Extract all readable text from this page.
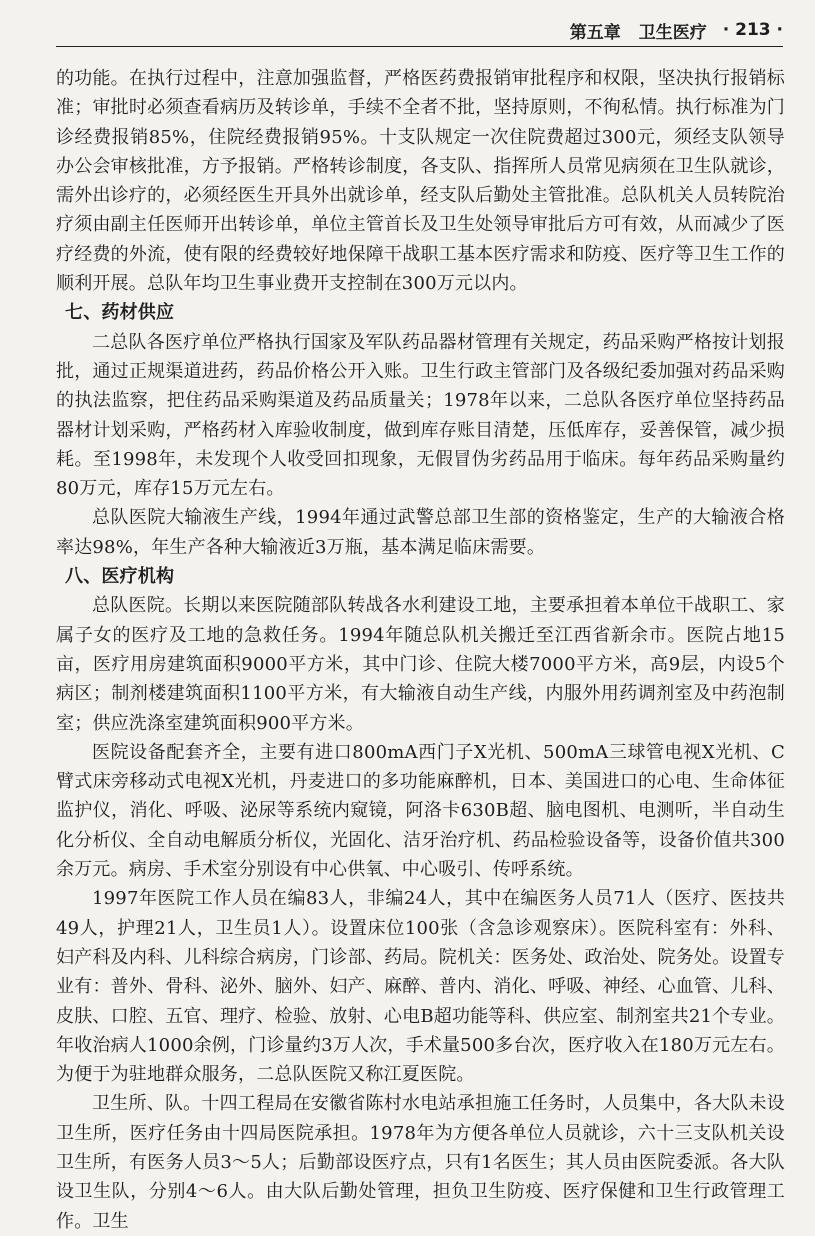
第五章 卫生医疗 · 213 ·

的功能。在执行过程中，注意加强监督，严格医药费报销审批程序和权限，坚决执行报销标准；审批时必须查看病历及转诊单，手续不全者不批，坚持原则，不徇私情。执行标准为门诊经费报销85%，住院经费报销95%。十支队规定一次住院费超过300元，须经支队领导办公会审核批准，方予报销。严格转诊制度，各支队、指挥所人员常见病须在卫生队就诊，需外出诊疗的，必须经医生开具外出就诊单，经支队后勤处主管批准。总队机关人员转院治疗须由副主任医师开出转诊单，单位主管首长及卫生处领导审批后方可有效，从而减少了医疗经费的外流，使有限的经费较好地保障干战职工基本医疗需求和防疫、医疗等卫生工作的顺利开展。总队年均卫生事业费开支控制在300万元以内。

七、药材供应

二总队各医疗单位严格执行国家及军队药品器材管理有关规定，药品采购严格按计划报批，通过正规渠道进药，药品价格公开入账。卫生行政主管部门及各级纪委加强对药品采购的执法监察，把住药品采购渠道及药品质量关；1978年以来，二总队各医疗单位坚持药品器材计划采购，严格药材入库验收制度，做到库存账目清楚，压低库存，妥善保管，减少损耗。至1998年，未发现个人收受回扣现象，无假冒伪劣药品用于临床。每年药品采购量约80万元，库存15万元左右。

总队医院大输液生产线，1994年通过武警总部卫生部的资格鉴定，生产的大输液合格率达98%，年生产各种大输液近3万瓶，基本满足临床需要。

八、医疗机构

总队医院。长期以来医院随部队转战各水利建设工地，主要承担着本单位干战职工、家属子女的医疗及工地的急救任务。1994年随总队机关搬迁至江西省新余市。医院占地15亩，医疗用房建筑面积9000平方米，其中门诊、住院大楼7000平方米，高9层，内设5个病区；制剂楼建筑面积1100平方米，有大输液自动生产线，内服外用药调剂室及中药泡制室；供应洗涤室建筑面积900平方米。

医院设备配套齐全，主要有进口800mA西门子X光机、500mA三球管电视X光机、C臂式床旁移动式电视X光机，丹麦进口的多功能麻醉机，日本、美国进口的心电、生命体征监护仪，消化、呼吸、泌尿等系统内窥镜，阿洛卡630B超、脑电图机、电测听，半自动生化分析仪、全自动电解质分析仪，光固化、洁牙治疗机、药品检验设备等，设备价值共300余万元。病房、手术室分别设有中心供氧、中心吸引、传呼系统。

1997年医院工作人员在编83人，非编24人，其中在编医务人员71人（医疗、医技共49人，护理21人，卫生员1人）。设置床位100张（含急诊观察床）。医院科室有：外科、妇产科及内科、儿科综合病房，门诊部、药局。院机关：医务处、政治处、院务处。设置专业有：普外、骨科、泌外、脑外、妇产、麻醉、普内、消化、呼吸、神经、心血管、儿科、皮肤、口腔、五官、理疗、检验、放射、心电B超功能等科、供应室、制剂室共21个专业。年收治病人1000余例，门诊量约3万人次，手术量500多台次，医疗收入在180万元左右。为便于为驻地群众服务，二总队医院又称江夏医院。

卫生所、队。十四工程局在安徽省陈村水电站承担施工任务时，人员集中，各大队未设卫生所，医疗任务由十四局医院承担。1978年为方便各单位人员就诊，六十三支队机关设卫生所，有医务人员3～5人；后勤部设医疗点，只有1名医生；其人员由医院委派。各大队设卫生队，分别4～6人。由大队后勤处管理，担负卫生防疫、医疗保健和卫生行政管理工作。卫生
